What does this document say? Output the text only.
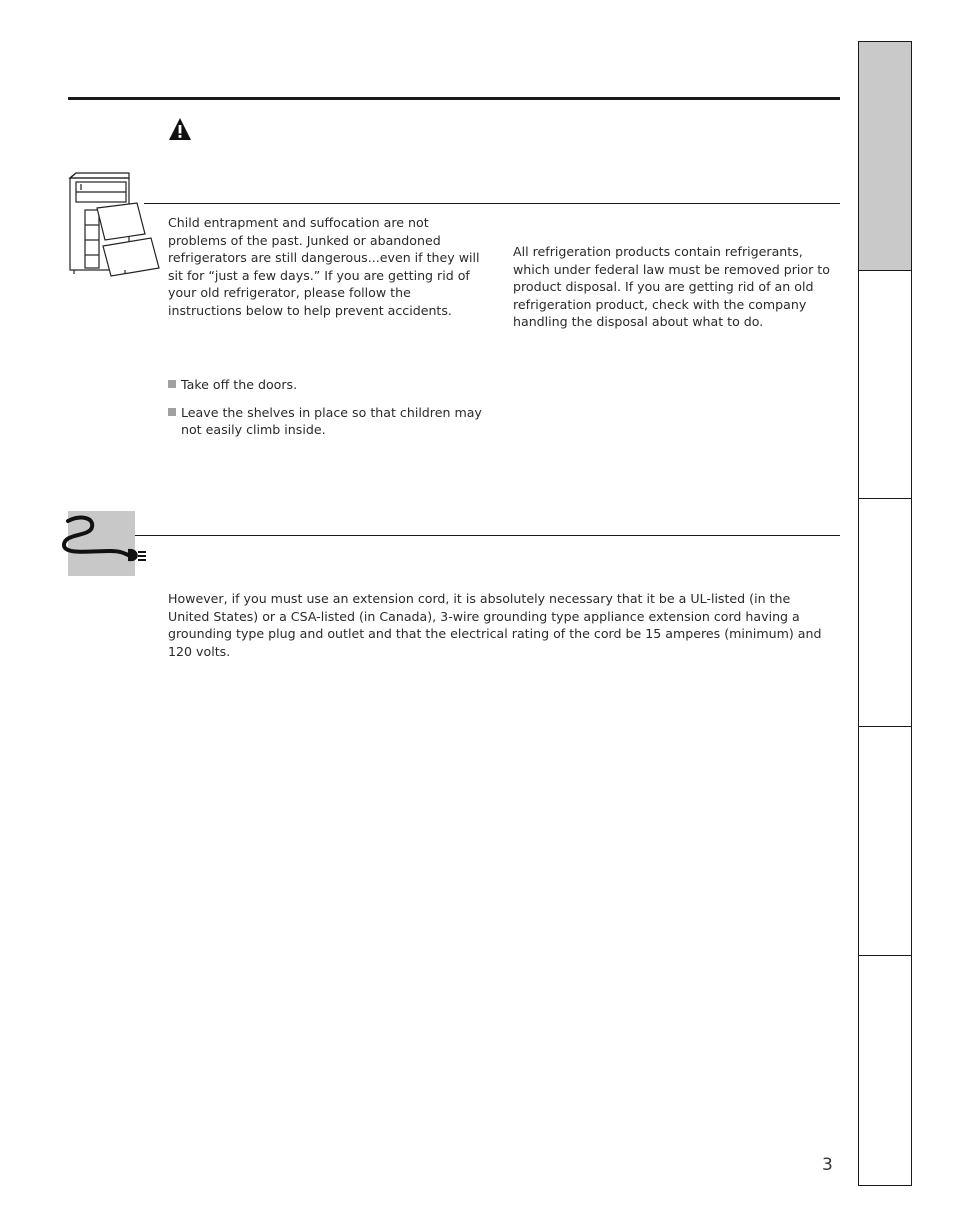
Child entrapment and suffocation are not problems of the past. Junked or abandoned refrigerators are still dangerous...even if they will sit for “just a few days.” If you are getting rid of your old refrigerator, please follow the instructions below to help prevent accidents.

All refrigeration products contain refrigerants, which under federal law must be removed prior to product disposal. If you are getting rid of an old refrigeration product, check with the company handling the disposal about what to do.

Take off the doors.
Leave the shelves in place so that children may not easily climb inside.

However, if you must use an extension cord, it is absolutely necessary that it be a UL-listed (in the United States) or a CSA-listed (in Canada), 3-wire grounding type appliance extension cord having a grounding type plug and outlet and that the electrical rating of the cord be 15 amperes (minimum) and 120 volts.

3
